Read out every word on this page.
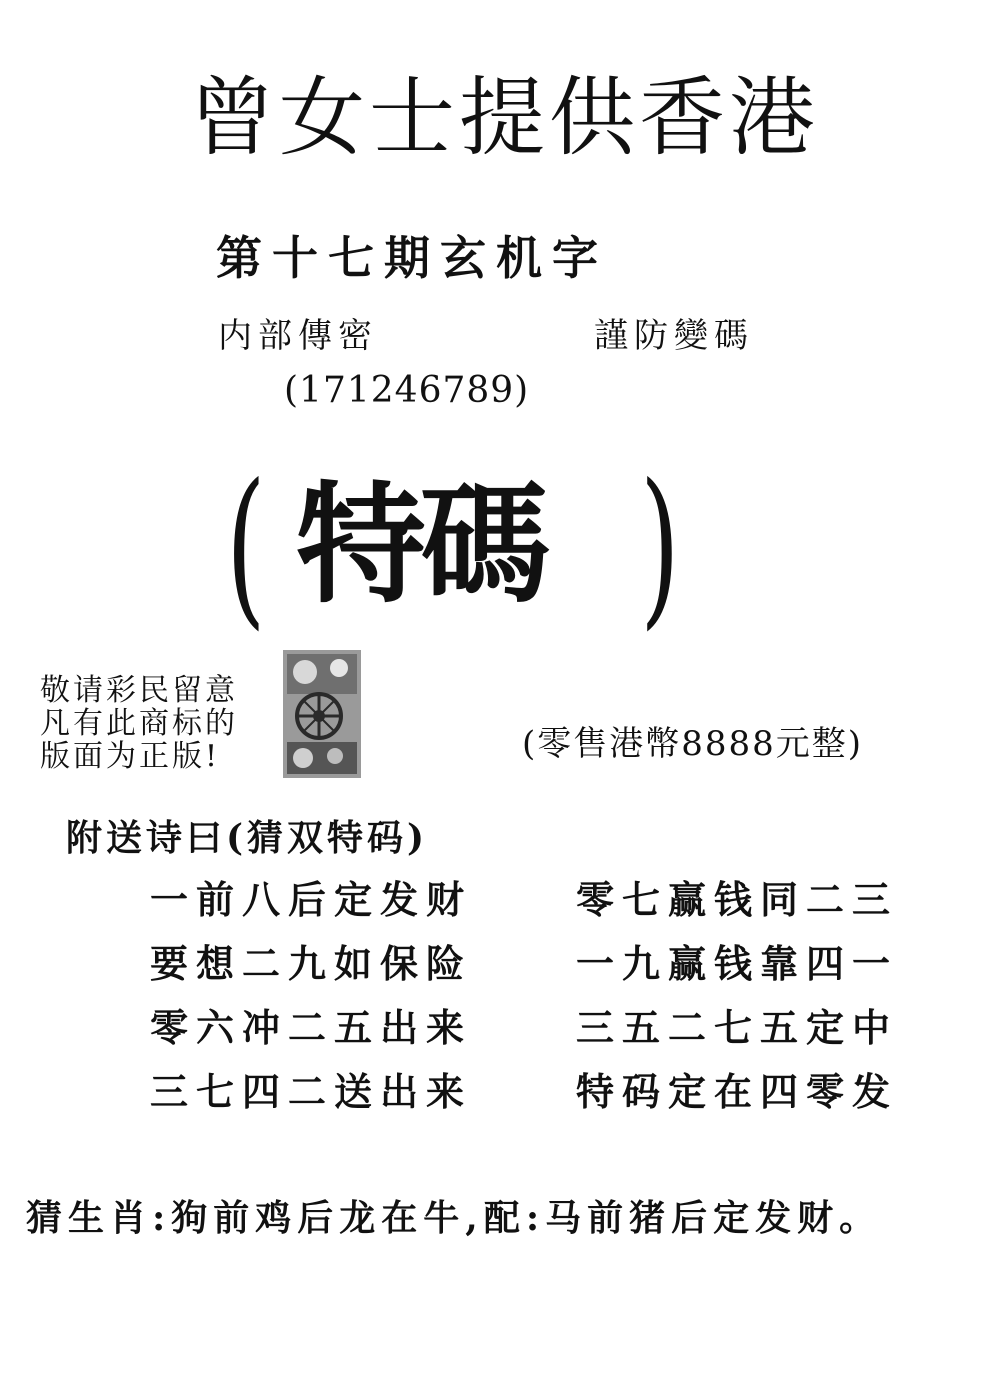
曾女士提供香港
第十七期玄机字
内部傳密	謹防變碼
(171246789)
( 特碼 )
敬请彩民留意
凡有此商标的
版面为正版!	(零售港幣8888元整)
附送诗曰(猜双特码)
一前八后定发财
要想二九如保险
零六冲二五出来
三七四二送出来
零七赢钱同二三
一九赢钱靠四一
三五二七五定中
特码定在四零发
猜生肖:狗前鸡后龙在牛,配:马前猪后定发财。
